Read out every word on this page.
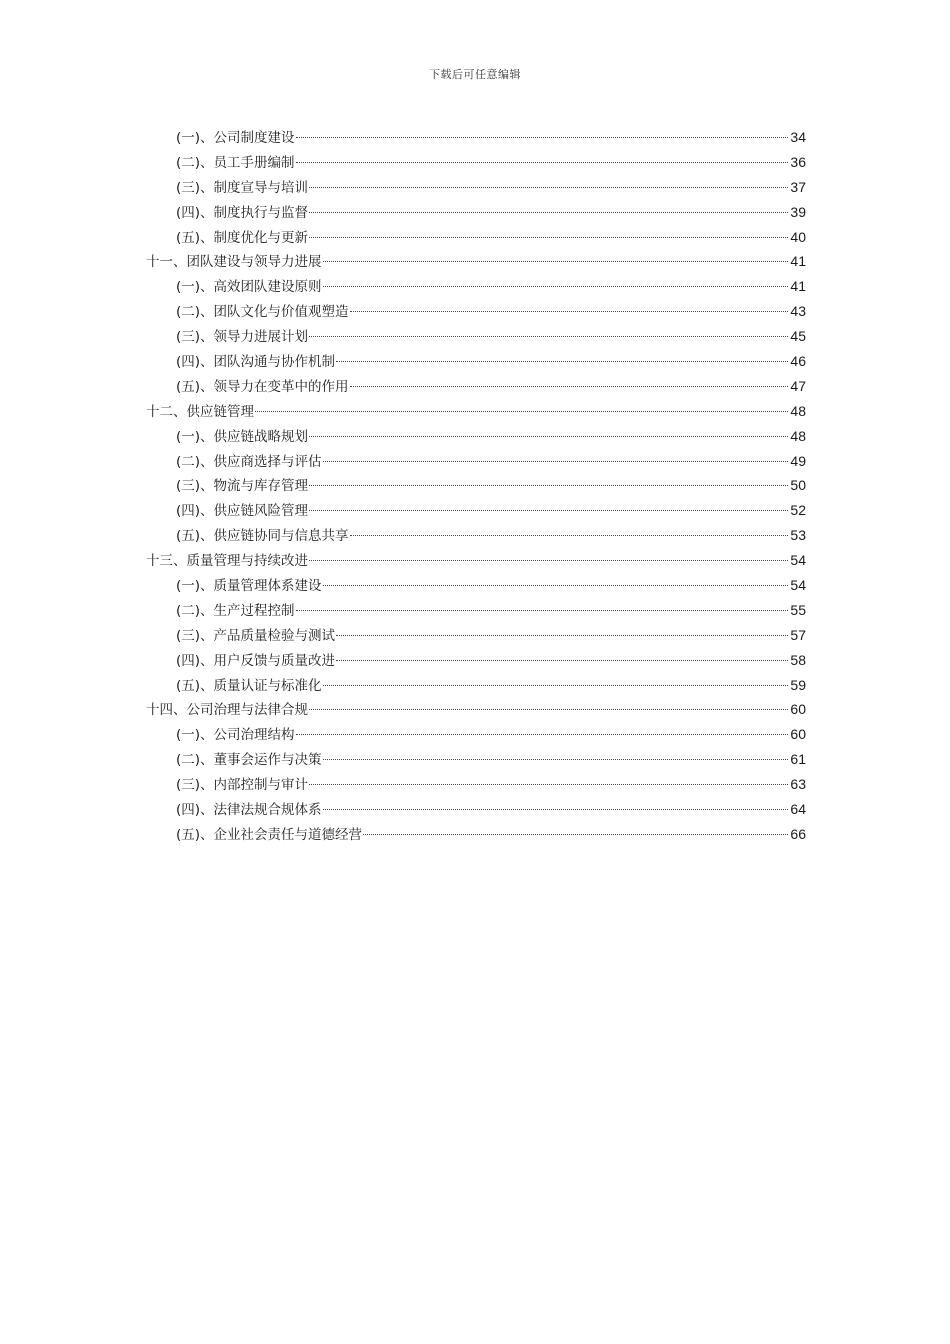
下载后可任意编辑
(一)、公司制度建设	34
(二)、员工手册编制	36
(三)、制度宣导与培训	37
(四)、制度执行与监督	39
(五)、制度优化与更新	40
十一、团队建设与领导力进展	41
(一)、高效团队建设原则	41
(二)、团队文化与价值观塑造	43
(三)、领导力进展计划	45
(四)、团队沟通与协作机制	46
(五)、领导力在变革中的作用	47
十二、供应链管理	48
(一)、供应链战略规划	48
(二)、供应商选择与评估	49
(三)、物流与库存管理	50
(四)、供应链风险管理	52
(五)、供应链协同与信息共享	53
十三、质量管理与持续改进	54
(一)、质量管理体系建设	54
(二)、生产过程控制	55
(三)、产品质量检验与测试	57
(四)、用户反馈与质量改进	58
(五)、质量认证与标准化	59
十四、公司治理与法律合规	60
(一)、公司治理结构	60
(二)、董事会运作与决策	61
(三)、内部控制与审计	63
(四)、法律法规合规体系	64
(五)、企业社会责任与道德经营	66
